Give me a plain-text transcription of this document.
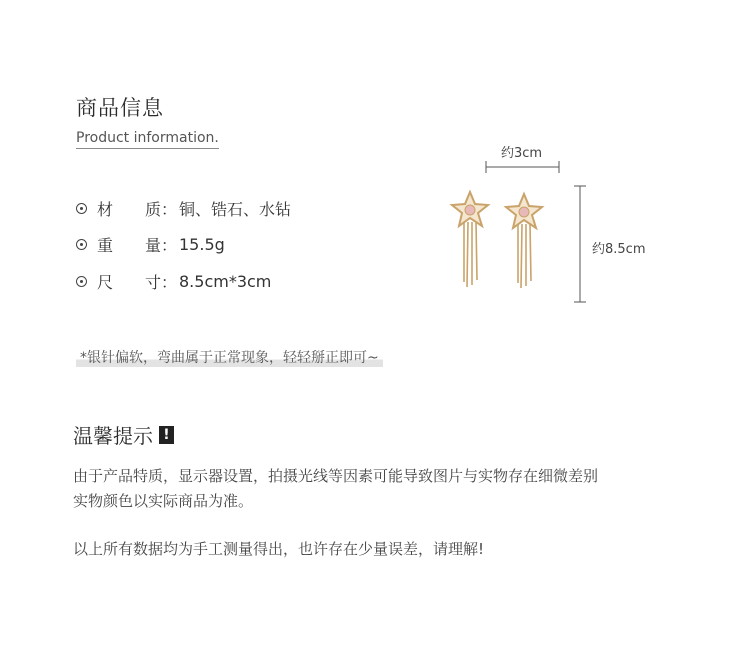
商品信息
Product information.
材　　质： 铜、锆石、水钻
重　　量： 15.5g
尺　　寸： 8.5cm*3cm
约3cm
约8.5cm
*银针偏软，弯曲属于正常现象，轻轻掰正即可~
温馨提示 !
由于产品特质，显示器设置，拍摄光线等因素可能导致图片与实物存在细微差别
实物颜色以实际商品为准。
以上所有数据均为手工测量得出，也许存在少量误差，请理解!
